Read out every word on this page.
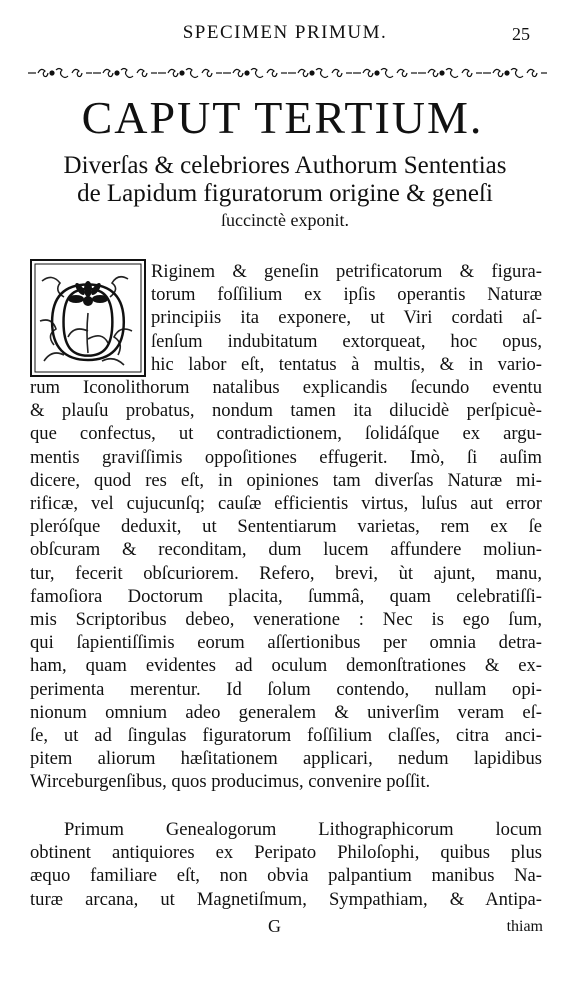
SPECIMEN PRIMUM.	25
CAPUT TERTIUM.
Diverſas & celebriores Authorum Sententias
de Lapidum figuratorum origine & geneſi
ſuccinctè exponit.
O	Riginem & geneſin petrificatorum & figura-
torum foſſilium ex ipſis operantis Naturæ
principiis ita exponere, ut Viri cordati aſ-
ſenſum indubitatum extorqueat, hoc opus,
hic labor eſt, tentatus à multis, & in vario-
rum Iconolithorum natalibus explicandis ſecundo eventu
& plauſu probatus, nondum tamen ita dilucidè perſpicuè-
que confectus, ut contradictionem, ſolidáſque ex argu-
mentis graviſſimis oppoſitiones effugerit. Imò, ſi auſim
dicere, quod res eſt, in opiniones tam diverſas Naturæ mi-
rificæ, vel cujucunſq; cauſæ efficientis virtus, luſus aut error
pleróſque deduxit, ut Sententiarum varietas, rem ex ſe
obſcuram & reconditam, dum lucem affundere moliun-
tur, fecerit obſcuriorem. Refero, brevi, ùt ajunt, manu,
famoſiora Doctorum placita, ſummâ, quam celebratiſſi-
mis Scriptoribus debeo, veneratione : Nec is ego ſum,
qui ſapientiſſimis eorum aſſertionibus per omnia detra-
ham, quam evidentes ad oculum demonſtrationes & ex-
perimenta merentur. Id ſolum contendo, nullam opi-
nionum omnium adeo generalem & univerſim veram eſ-
ſe, ut ad ſingulas figuratorum foſſilium claſſes, citra anci-
pitem aliorum hæſitationem applicari, nedum lapidibus
Wirceburgenſibus, quos producimus, convenire poſſit.
Primum Genealogorum Lithographicorum locum
obtinent antiquiores ex Peripato Philoſophi, quibus plus
æquo familiare eſt, non obvia palpantium manibus Na-
turæ arcana, ut Magnetiſmum, Sympathiam, & Antipa-
G	thiam
